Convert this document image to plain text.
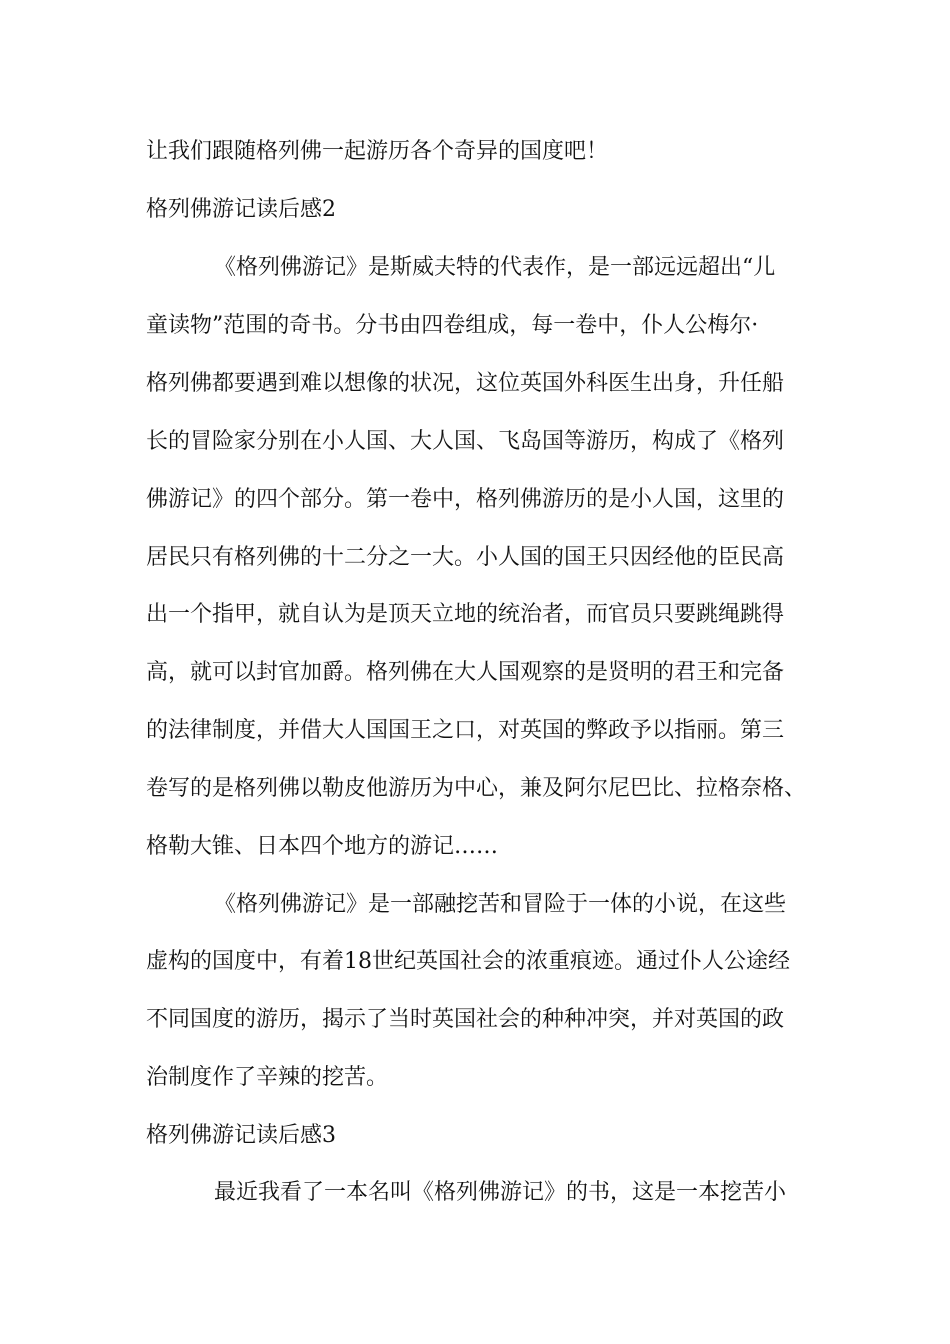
让我们跟随格列佛一起游历各个奇异的国度吧！
格列佛游记读后感2
《格列佛游记》是斯威夫特的代表作，是一部远远超出“儿
童读物”范围的奇书。分书由四卷组成，每一卷中，仆人公梅尔·
格列佛都要遇到难以想像的状况，这位英国外科医生出身，升任船
长的冒险家分别在小人国、大人国、飞岛国等游历，构成了《格列
佛游记》的四个部分。第一卷中，格列佛游历的是小人国，这里的
居民只有格列佛的十二分之一大。小人国的国王只因经他的臣民高
出一个指甲，就自认为是顶天立地的统治者，而官员只要跳绳跳得
高，就可以封官加爵。格列佛在大人国观察的是贤明的君王和完备
的法律制度，并借大人国国王之口，对英国的弊政予以指丽。第三
卷写的是格列佛以勒皮他游历为中心，兼及阿尔尼巴比、拉格奈格、
格勒大锥、日本四个地方的游记……
《格列佛游记》是一部融挖苦和冒险于一体的小说，在这些
虚构的国度中，有着18世纪英国社会的浓重痕迹。通过仆人公途经
不同国度的游历，揭示了当时英国社会的种种冲突，并对英国的政
治制度作了辛辣的挖苦。
格列佛游记读后感3
最近我看了一本名叫《格列佛游记》的书，这是一本挖苦小
